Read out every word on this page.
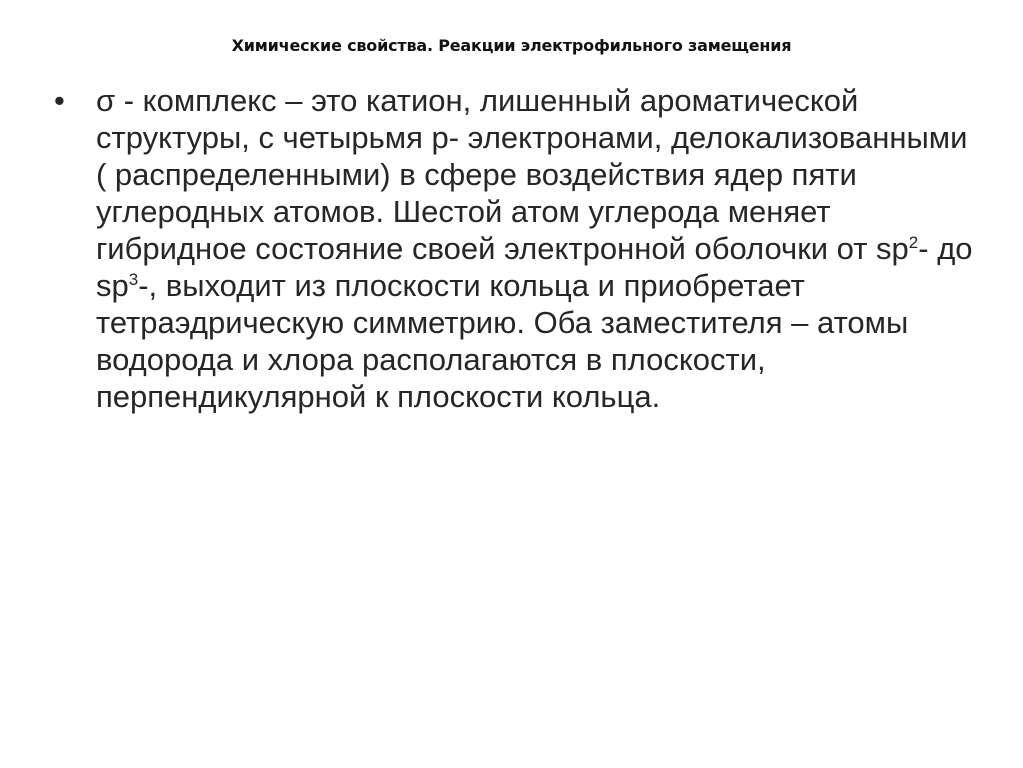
Химические свойства. Реакции электрофильного замещения
• σ - комплекс – это катион, лишенный ароматической структуры, с четырьмя р- электронами, делокализованными ( распределенными) в сфере воздействия ядер пяти углеродных атомов. Шестой атом углерода меняет гибридное состояние своей электронной оболочки от $sp^2-$ до $sp^3-$, выходит из плоскости кольца и приобретает тетраэдрическую симметрию. Оба заместителя – атомы водорода и хлора располагаются в плоскости, перпендикулярной к плоскости кольца.
